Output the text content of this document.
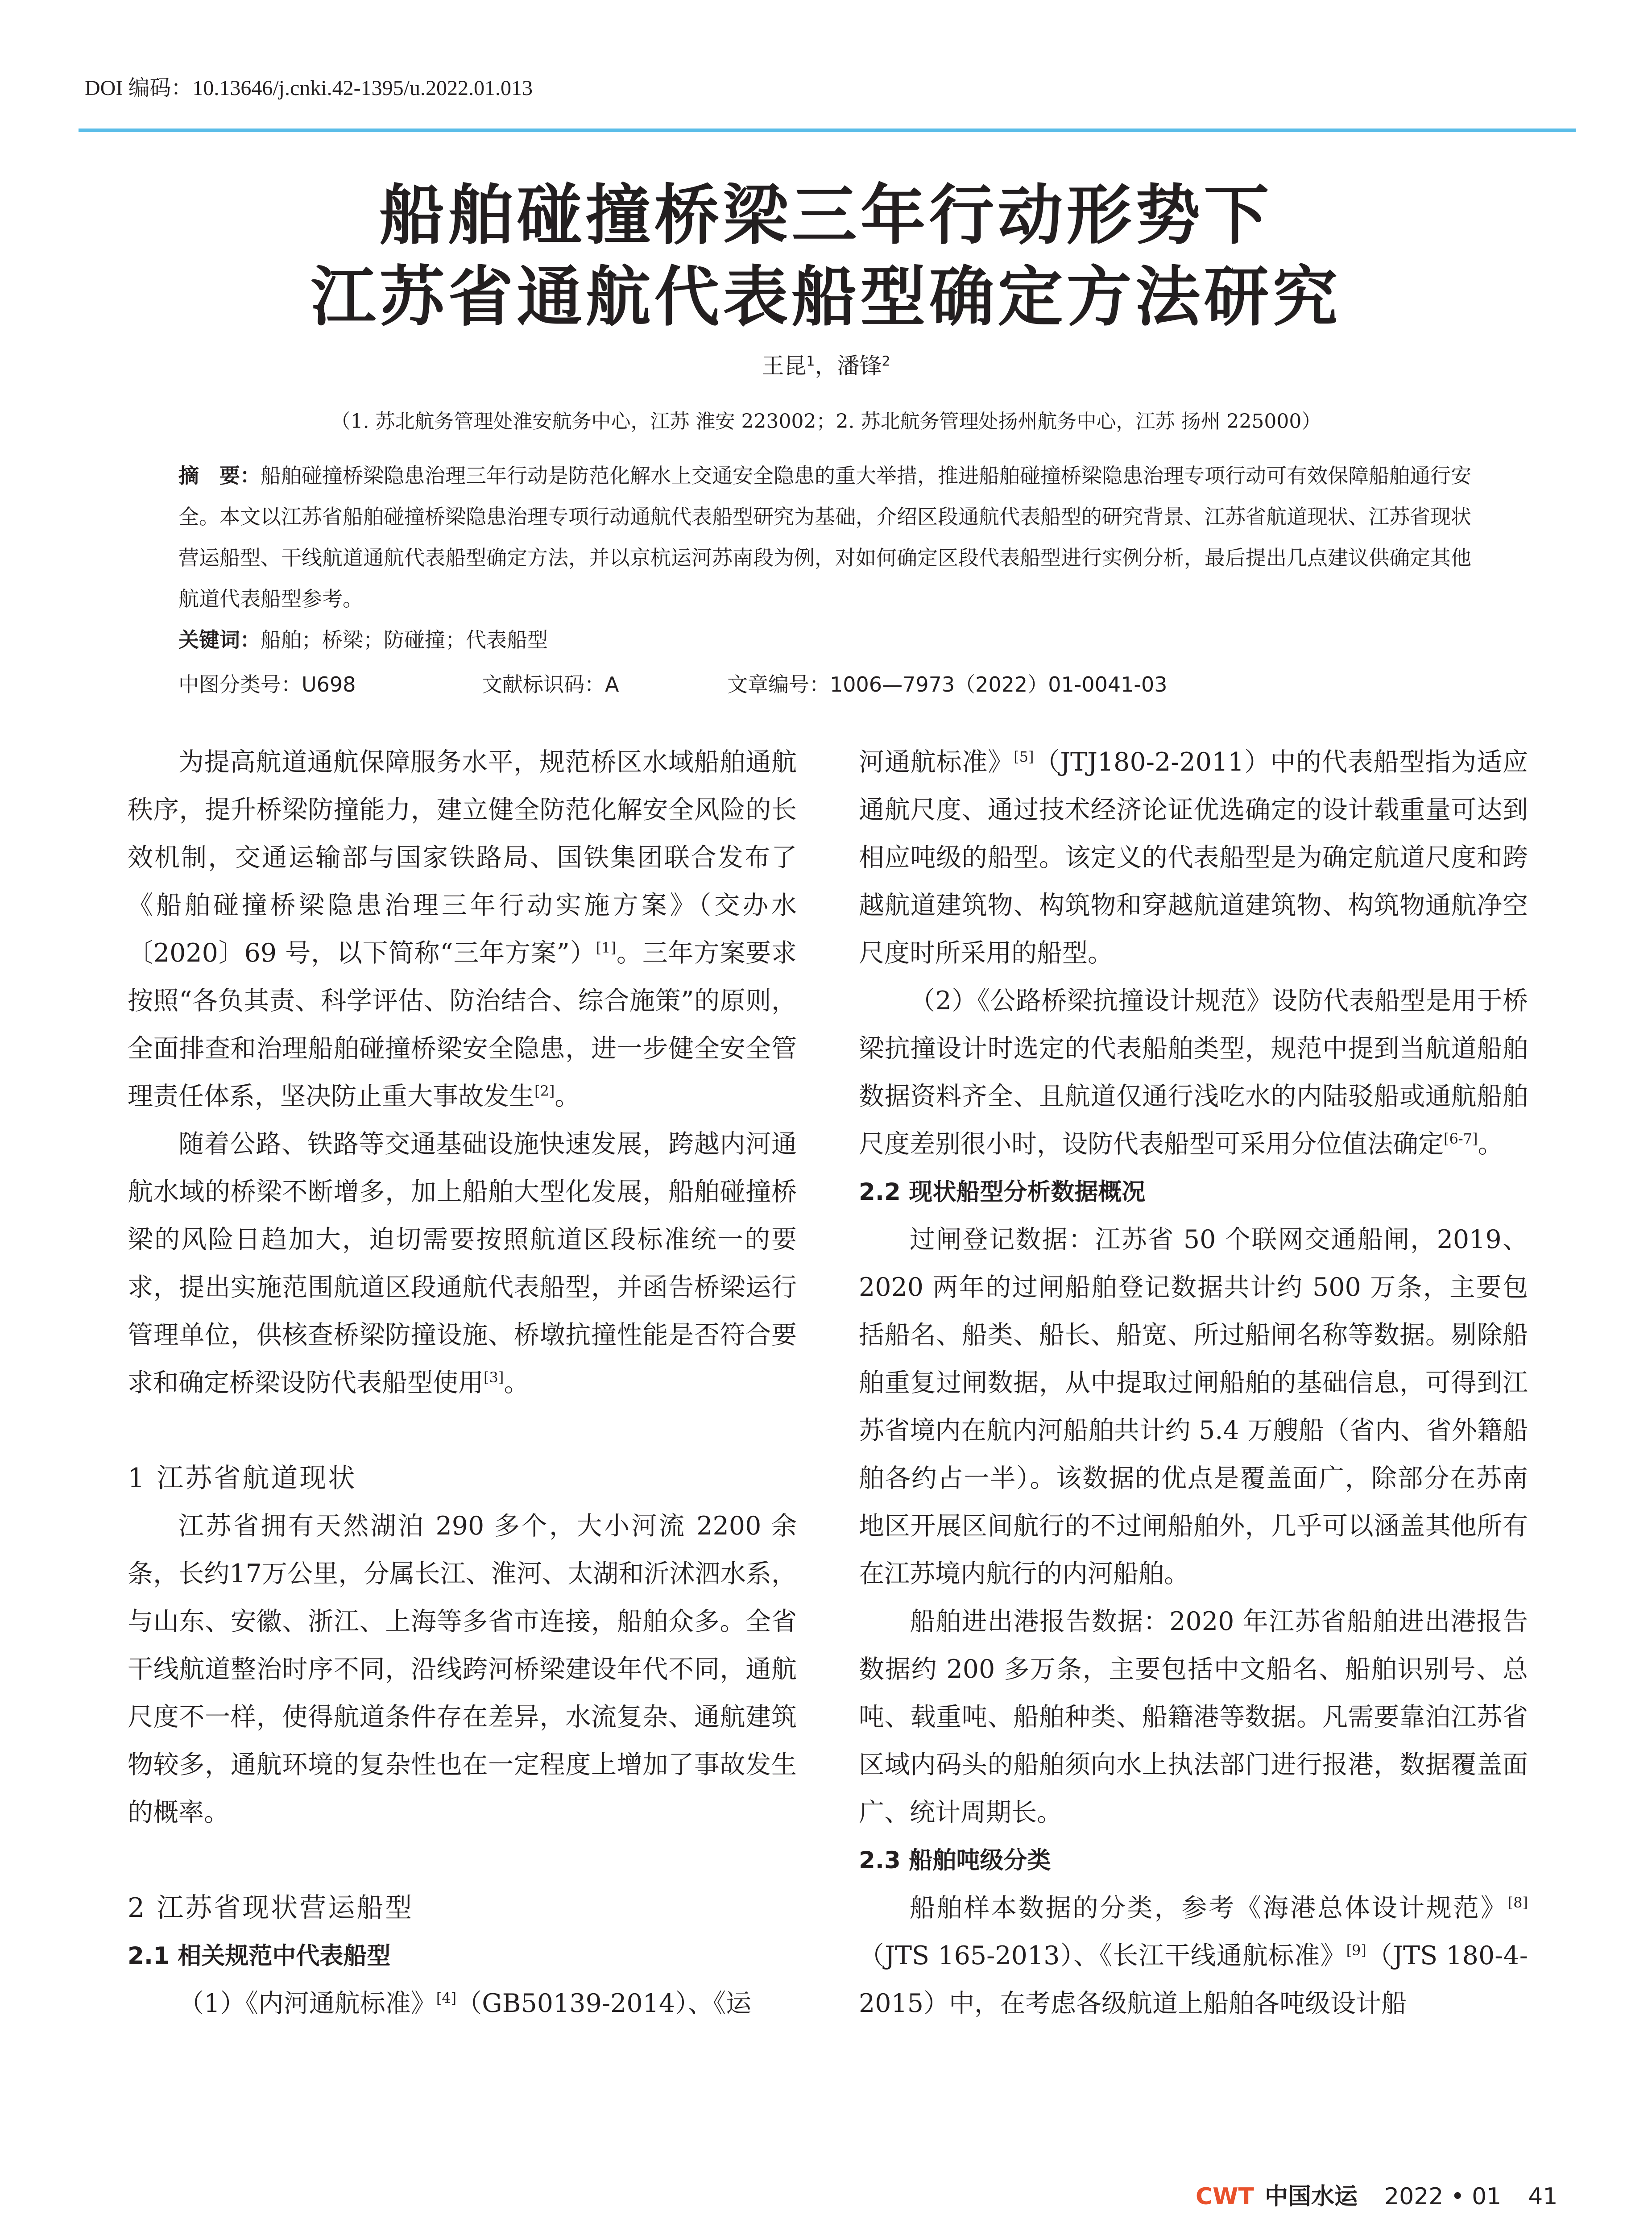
DOI 编码：10.13646/j.cnki.42-1395/u.2022.01.013
船舶碰撞桥梁三年行动形势下
江苏省通航代表船型确定方法研究
王昆$^1$，潘锋$^2$
（1. 苏北航务管理处淮安航务中心，江苏 淮安 223002；2. 苏北航务管理处扬州航务中心，江苏 扬州 225000）
摘　要：船舶碰撞桥梁隐患治理三年行动是防范化解水上交通安全隐患的重大举措，推进船舶碰撞桥梁隐患治理专项行动可有效保障船舶通行安全。本文以江苏省船舶碰撞桥梁隐患治理专项行动通航代表船型研究为基础，介绍区段通航代表船型的研究背景、江苏省航道现状、江苏省现状营运船型、干线航道通航代表船型确定方法，并以京杭运河苏南段为例，对如何确定区段代表船型进行实例分析，最后提出几点建议供确定其他航道代表船型参考。
关键词：船舶；桥梁；防碰撞；代表船型
中图分类号：U698	文献标识码：A	文章编号：1006—7973（2022）01-0041-03

为提高航道通航保障服务水平，规范桥区水域船舶通航秩序，提升桥梁防撞能力，建立健全防范化解安全风险的长效机制，交通运输部与国家铁路局、国铁集团联合发布了《船舶碰撞桥梁隐患治理三年行动实施方案》（交办水〔2020〕69 号，以下简称“三年方案”）[1]。三年方案要求按照“各负其责、科学评估、防治结合、综合施策”的原则，全面排查和治理船舶碰撞桥梁安全隐患，进一步健全安全管理责任体系，坚决防止重大事故发生[2]。

随着公路、铁路等交通基础设施快速发展，跨越内河通航水域的桥梁不断增多，加上船舶大型化发展，船舶碰撞桥梁的风险日趋加大，迫切需要按照航道区段标准统一的要求，提出实施范围航道区段通航代表船型，并函告桥梁运行管理单位，供核查桥梁防撞设施、桥墩抗撞性能是否符合要求和确定桥梁设防代表船型使用[3]。

1 江苏省航道现状

江苏省拥有天然湖泊 290 多个，大小河流 2200 余条，长约17万公里，分属长江、淮河、太湖和沂沭泗水系，与山东、安徽、浙江、上海等多省市连接，船舶众多。全省干线航道整治时序不同，沿线跨河桥梁建设年代不同，通航尺度不一样，使得航道条件存在差异，水流复杂、通航建筑物较多，通航环境的复杂性也在一定程度上增加了事故发生的概率。

2 江苏省现状营运船型
2.1 相关规范中代表船型

（1）《内河通航标准》[4]（GB50139-2014）、《运

河通航标准》[5]（JTJ180-2-2011）中的代表船型指为适应通航尺度、通过技术经济论证优选确定的设计载重量可达到相应吨级的船型。该定义的代表船型是为确定航道尺度和跨越航道建筑物、构筑物和穿越航道建筑物、构筑物通航净空尺度时所采用的船型。

（2）《公路桥梁抗撞设计规范》设防代表船型是用于桥梁抗撞设计时选定的代表船舶类型，规范中提到当航道船舶数据资料齐全、且航道仅通行浅吃水的内陆驳船或通航船舶尺度差别很小时，设防代表船型可采用分位值法确定[6-7]。

2.2 现状船型分析数据概况

过闸登记数据：江苏省 50 个联网交通船闸，2019、2020 两年的过闸船舶登记数据共计约 500 万条，主要包括船名、船类、船长、船宽、所过船闸名称等数据。剔除船舶重复过闸数据，从中提取过闸船舶的基础信息，可得到江苏省境内在航内河船舶共计约 5.4 万艘船（省内、省外籍船舶各约占一半）。该数据的优点是覆盖面广，除部分在苏南地区开展区间航行的不过闸船舶外，几乎可以涵盖其他所有在江苏境内航行的内河船舶。

船舶进出港报告数据：2020 年江苏省船舶进出港报告数据约 200 多万条，主要包括中文船名、船舶识别号、总吨、载重吨、船舶种类、船籍港等数据。凡需要靠泊江苏省区域内码头的船舶须向水上执法部门进行报港，数据覆盖面广、统计周期长。

2.3 船舶吨级分类

船舶样本数据的分类，参考《海港总体设计规范》[8]（JTS 165-2013）、《长江干线通航标准》[9]（JTS 180-4-2015）中，在考虑各级航道上船舶各吨级设计船

CWT 中国水运 2022 • 01 41
